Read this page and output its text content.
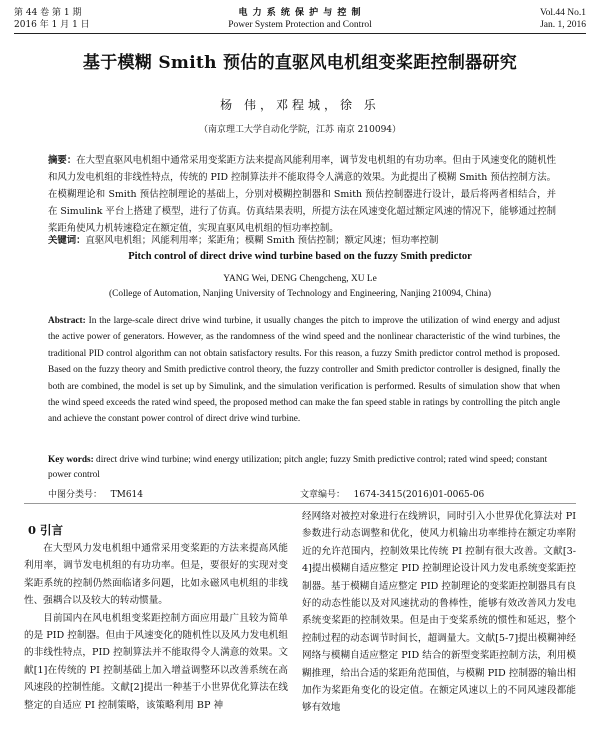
第 44 卷 第 1 期
2016 年 1 月 1 日
电 力 系 统 保 护 与 控 制
Power System Protection and Control
Vol.44 No.1
Jan. 1, 2016
基于模糊 Smith 预估的直驱风电机组变桨距控制器研究
杨 伟，邓程城，徐 乐
（南京理工大学自动化学院，江苏 南京 210094）
摘要：在大型直驱风电机组中通常采用变桨距方法来提高风能利用率，调节发电机组的有功功率。但由于风速变化的随机性和风力发电机组的非线性特点，传统的 PID 控制算法并不能取得令人满意的效果。为此提出了模糊 Smith 预估控制方法。在模糊理论和 Smith 预估控制理论的基础上，分别对模糊控制器和 Smith 预估控制器进行设计，最后将两者相结合，并在 Simulink 平台上搭建了模型，进行了仿真。仿真结果表明，所提方法在风速变化超过额定风速的情况下，能够通过控制桨距角使风力机转速稳定在额定值，实现直驱风电机组的恒功率控制。
关键词：直驱风电机组；风能利用率；桨距角；模糊 Smith 预估控制；额定风速；恒功率控制
Pitch control of direct drive wind turbine based on the fuzzy Smith predictor
YANG Wei, DENG Chengcheng, XU Le
(College of Automation, Nanjing University of Technology and Engineering, Nanjing 210094, China)
Abstract: In the large-scale direct drive wind turbine, it usually changes the pitch to improve the utilization of wind energy and adjust the active power of generators. However, as the randomness of the wind speed and the nonlinear characteristic of the wind turbines, the traditional PID control algorithm can not obtain satisfactory results. For this reason, a fuzzy Smith predictor control method is proposed. Based on the fuzzy theory and Smith predictive control theory, the fuzzy controller and Smith predictor controller is designed, finally the both are combined, the model is set up by Simulink, and the simulation verification is performed. Results of simulation show that when the wind speed exceeds the rated wind speed, the proposed method can make the fan speed stable in ratings by controlling the pitch angle and achieve the constant power control of direct drive wind turbine.
Key words: direct drive wind turbine; wind energy utilization; pitch angle; fuzzy Smith predictive control; rated wind speed; constant power control
中图分类号： TM614	文章编号： 1674-3415(2016)01-0065-06
0 引言

在大型风力发电机组中通常采用变桨距的方法来提高风能利用率，调节发电机组的有功功率。但是，要很好的实现对变桨距系统的控制仍然面临诸多问题，比如永磁风电机组的非线性、强耦合以及较大的转动惯量。

目前国内在风电机组变桨距控制方面应用最广且较为简单的是 PID 控制器。但由于风速变化的随机性以及风力发电机组的非线性特点，PID 控制算法并不能取得令人满意的效果。文献[1]在传统的 PI 控制基础上加入增益调整环以改善系统在高风速段的控制性能。文献[2]提出一种基于小世界优化算法在线整定的自适应 PI 控制策略，该策略利用 BP 神

经网络对被控对象进行在线辨识，同时引入小世界优化算法对 PI 参数进行动态调整和优化，使风力机输出功率维持在额定功率附近的允许范围内，控制效果比传统 PI 控制有很大改善。文献[3-4]提出模糊自适应整定 PID 控制理论设计风力发电系统变桨距控制器。基于模糊自适应整定 PID 控制理论的变桨距控制器具有良好的动态性能以及对风速扰动的鲁棒性，能够有效改善风力发电系统变桨距的控制效果。但是由于变桨系统的惯性和延迟，整个控制过程的动态调节时间长，超调量大。文献[5-7]提出模糊神经网络与模糊自适应整定 PID 结合的新型变桨距控制方法，利用模糊推理，给出合适的桨距角范围值，与模糊 PID 控制器的输出相加作为桨距角变化的设定值。在额定风速以上的不同风速段都能够有效地
